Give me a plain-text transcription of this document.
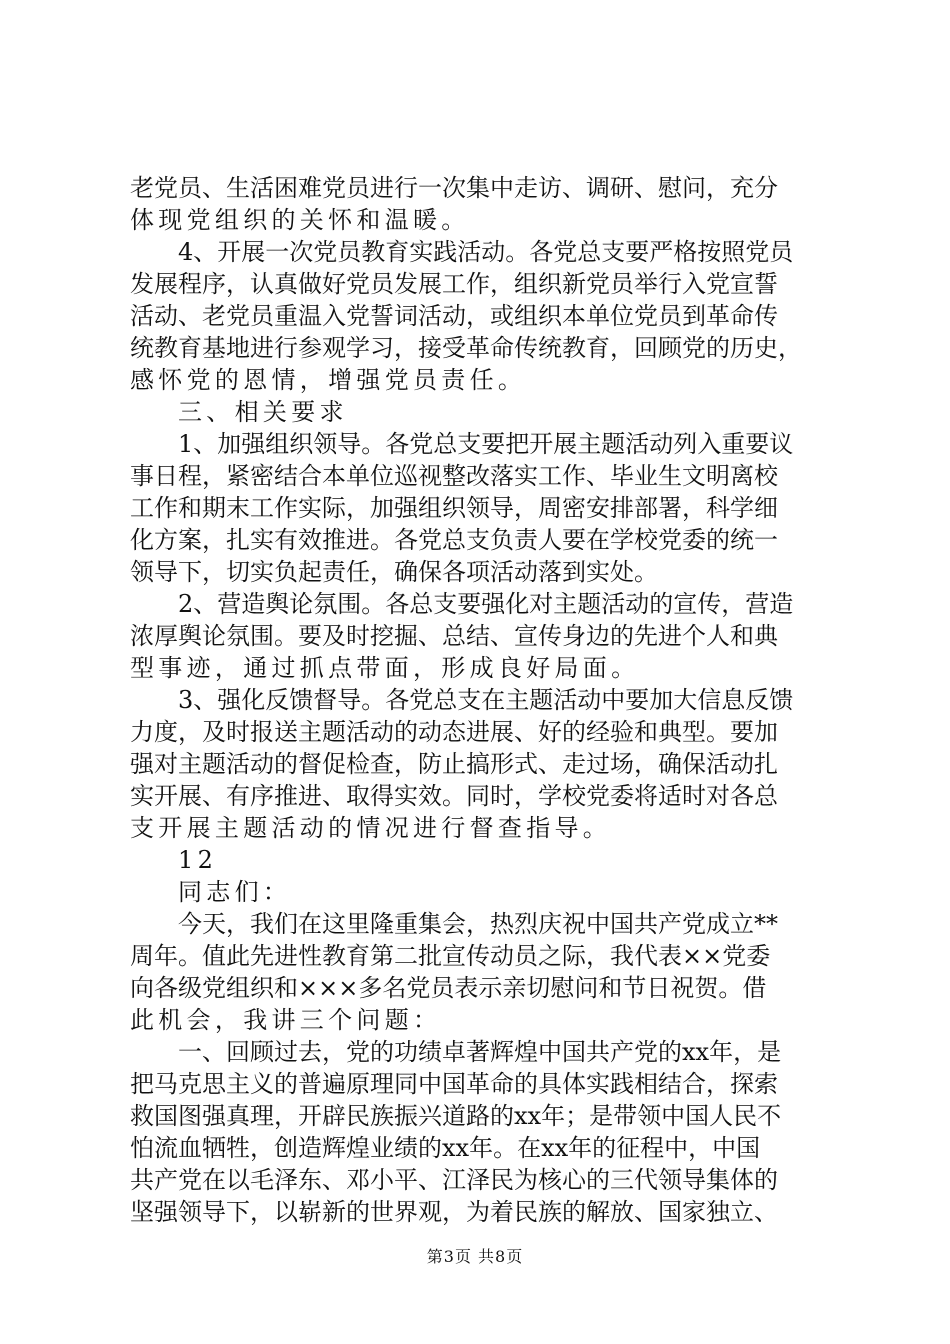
老党员、生活困难党员进行一次集中走访、调研、慰问，充分
体现党组织的关怀和温暖。
4、开展一次党员教育实践活动。各党总支要严格按照党员
发展程序，认真做好党员发展工作，组织新党员举行入党宣誓
活动、老党员重温入党誓词活动，或组织本单位党员到革命传
统教育基地进行参观学习，接受革命传统教育，回顾党的历史，
感怀党的恩情，增强党员责任。
三、相关要求
1、加强组织领导。各党总支要把开展主题活动列入重要议
事日程，紧密结合本单位巡视整改落实工作、毕业生文明离校
工作和期末工作实际，加强组织领导，周密安排部署，科学细
化方案，扎实有效推进。各党总支负责人要在学校党委的统一
领导下，切实负起责任，确保各项活动落到实处。
2、营造舆论氛围。各总支要强化对主题活动的宣传，营造
浓厚舆论氛围。要及时挖掘、总结、宣传身边的先进个人和典
型事迹，通过抓点带面，形成良好局面。
3、强化反馈督导。各党总支在主题活动中要加大信息反馈
力度，及时报送主题活动的动态进展、好的经验和典型。要加
强对主题活动的督促检查，防止搞形式、走过场，确保活动扎
实开展、有序推进、取得实效。同时，学校党委将适时对各总
支开展主题活动的情况进行督查指导。
12
同志们：
今天，我们在这里隆重集会，热烈庆祝中国共产党成立**
周年。值此先进性教育第二批宣传动员之际，我代表××党委
向各级党组织和×××多名党员表示亲切慰问和节日祝贺。借
此机会，我讲三个问题：
一、回顾过去，党的功绩卓著辉煌中国共产党的xx年，是
把马克思主义的普遍原理同中国革命的具体实践相结合，探索
救国图强真理，开辟民族振兴道路的xx年；是带领中国人民不
怕流血牺牲，创造辉煌业绩的xx年。在xx年的征程中，中国
共产党在以毛泽东、邓小平、江泽民为核心的三代领导集体的
坚强领导下，以崭新的世界观，为着民族的解放、国家独立、
第3页 共8页
